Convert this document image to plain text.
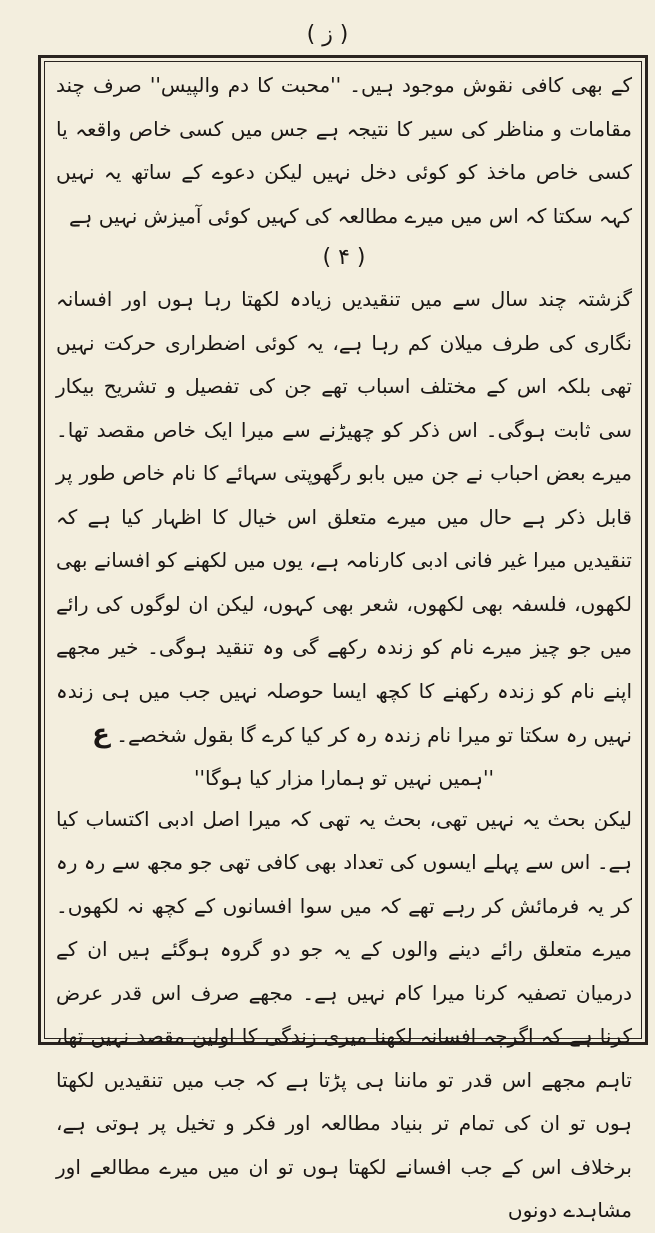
( ز )

کے بھی کافی نقوش موجود ہیں۔ ''محبت کا دم والپیس'' صرف چند مقامات و مناظر کی سیر کا نتیجہ ہے جس میں کسی خاص واقعہ یا کسی خاص ماخذ کو کوئی دخل نہیں لیکن دعوے کے ساتھ یہ نہیں کہہ سکتا کہ اس میں میرے مطالعہ کی کہیں کوئی آمیزش نہیں ہے

( ۴ )

گزشتہ چند سال سے میں تنقیدیں زیادہ لکھتا رہا ہوں اور افسانہ نگاری کی طرف میلان کم رہا ہے، یہ کوئی اضطراری حرکت نہیں تھی بلکہ اس کے مختلف اسباب تھے جن کی تفصیل و تشریح بیکار سی ثابت ہوگی۔ اس ذکر کو چھیڑنے سے میرا ایک خاص مقصد تھا۔ میرے بعض احباب نے جن میں بابو رگھوپتی سہائے کا نام خاص طور پر قابل ذکر ہے حال میں میرے متعلق اس خیال کا اظہار کیا ہے کہ تنقیدیں میرا غیر فانی ادبی کارنامہ ہے، یوں میں لکھنے کو افسانے بھی لکھوں، فلسفہ بھی لکھوں، شعر بھی کہوں، لیکن ان لوگوں کی رائے میں جو چیز میرے نام کو زندہ رکھے گی وہ تنقید ہوگی۔ خیر مجھے اپنے نام کو زندہ رکھنے کا کچھ ایسا حوصلہ نہیں جب میں ہی زندہ نہیں رہ سکتا تو میرا نام زندہ رہ کر کیا کرے گا بقول شخصے۔ ع

''ہمیں نہیں تو ہمارا مزار کیا ہوگا''

لیکن بحث یہ نہیں تھی، بحث یہ تھی کہ میرا اصل ادبی اکتساب کیا ہے۔ اس سے پہلے ایسوں کی تعداد بھی کافی تھی جو مجھ سے رہ رہ کر یہ فرمائش کر رہے تھے کہ میں سوا افسانوں کے کچھ نہ لکھوں۔ میرے متعلق رائے دینے والوں کے یہ جو دو گروہ ہوگئے ہیں ان کے درمیان تصفیہ کرنا میرا کام نہیں ہے۔ مجھے صرف اس قدر عرض کرنا ہے کہ اگرچہ افسانہ لکھنا میری زندگی کا اولین مقصد نہیں تھا، تاہم مجھے اس قدر تو ماننا ہی پڑتا ہے کہ جب میں تنقیدیں لکھتا ہوں تو ان کی تمام تر بنیاد مطالعہ اور فکر و تخیل پر ہوتی ہے، برخلاف اس کے جب افسانے لکھتا ہوں تو ان میں میرے مطالعے اور مشاہدے دونوں
